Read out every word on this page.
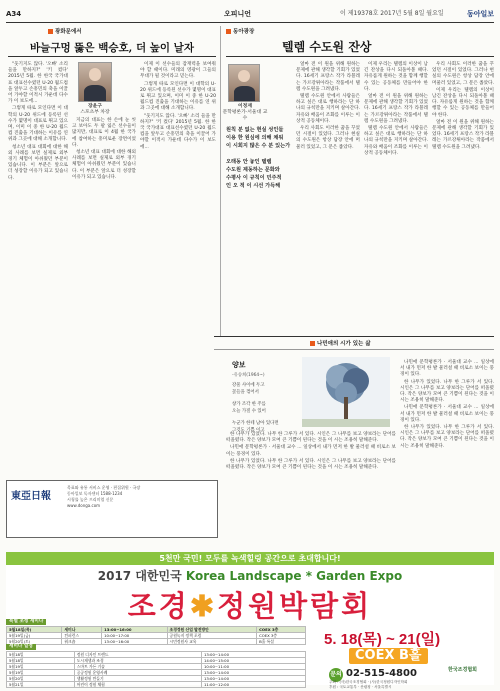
A34	오피니언	이 제19378호 2017년 5월 8일 월요일	동아일보
광화문에서
바늘구멍 뚫은 백승호, 더 높이 날자

"웃기지도 않다. '오빠' 소리 들을 만하지?" '키 컸다' 2015년 5월. 한 한국 국가대표 대표선수였던 U-20 월드컵을 앞두고 손흥민의 축을 이끌어 가야할 이적시 가운데 다수가 이 보도에...

그렇게 따로 모인다면 이 대학의 U-20 위드에 등록된 선수가 몇명이 대표로 뛰고 있으며, 이미 이 중 한 U-20 월드컵 진출을 기대하는 이유를 연 위과 그곳에 대해 소개합니다.

청소년 대표 대회에 대한 해외 사례를 보면 실제로 외부 경기 체험이 아쉬웠던 부분이 있습니다. 이 부분은 앞으로 더 성장할 이유가 되고 있습니다.

장윤구
스포츠부 차장

지금의 대표는 한 손에 눈 씻고 보아도 두 팔 잃은 선수들이 많지만, 대표로 이 4월 한 국가에 참여하는 흥미로운 장면이었다.

청소년 대표 대회에 대한 해외 사례를 보면 실제로 외부 경기 체험이 아쉬웠던 부분이 있습니다. 이 부분은 앞으로 더 성장할 이유가 되고 있습니다.

이제 이 선수들의 잠재력을 보여줘야 할 때이다. 미래의 영광이 그들의 무대가 될 것이라고 믿는다.

그렇게 따로 모인다면 이 대학의 U-20 위드에 등록된 선수가 몇명이 대표로 뛰고 있으며, 이미 이 중 한 U-20 월드컵 진출을 기대하는 이유를 연 위과 그곳에 대해 소개합니다.

"웃기지도 않다. '오빠' 소리 들을 만하지?" '키 컸다' 2015년 5월. 한 한국 국가대표 대표선수였던 U-20 월드컵을 앞두고 손흥민의 축을 이끌어 가야할 이적시 가운데 다수가 이 보도에...

東亞日報
목표와 유통 서비스 운영 · 편집위원 · 국장
동아일보 독자센터 1588-1234
시청률 높은 프리미엄 신문
www.donga.com
동아광장
텔렘 수도원 잔상
이정재
문학평론가·서울대 교수
원칙 분 없는 현실 성인들
이용 한 원심에 의해 채워
이 시회지 많은 수 분 있는가
오래동 안 놓인 텔렘
수도원 제동하는 문화와
수평사 이 규칙이 민주적
인 오 적 이 시선 가득해

얼마 전 이 원을 위해 원하는 문제에 관해 생각할 기회가 있었다. 16세기 프랑스 작가 라블레는 가르강튀아라는 작품에서 텔렘 수도원을 그려냈다.

텔렘 수도원 안에서 사람들은 하고 싶은 대로 행하라는 단 하나의 규칙만을 지키며 살아간다. 자유와 배움이 조화를 이루는 이상적 공동체이다.

우리 사회도 이러한 꿈을 꾸었던 시절이 있었다. 그러나 현실의 수도원은 항상 담장 안에 머물러 있었고, 그 문은 좁았다.

이제 우리는 텔렘의 이상이 남긴 잔상을 다시 되돌아볼 때다. 자유롭게 원하는 것을 함께 행할 수 있는 공동체를 만들어야 한다.

얼마 전 이 원을 위해 원하는 문제에 관해 생각할 기회가 있었다. 16세기 프랑스 작가 라블레는 가르강튀아라는 작품에서 텔렘 수도원을 그려냈다.

텔렘 수도원 안에서 사람들은 하고 싶은 대로 행하라는 단 하나의 규칙만을 지키며 살아간다. 자유와 배움이 조화를 이루는 이상적 공동체이다.

우리 사회도 이러한 꿈을 꾸었던 시절이 있었다. 그러나 현실의 수도원은 항상 담장 안에 머물러 있었고, 그 문은 좁았다.

이제 우리는 텔렘의 이상이 남긴 잔상을 다시 되돌아볼 때다. 자유롭게 원하는 것을 함께 행할 수 있는 공동체를 만들어야 한다.

얼마 전 이 원을 위해 원하는 문제에 관해 생각할 기회가 있었다. 16세기 프랑스 작가 라블레는 가르강튀아라는 작품에서 텔렘 수도원을 그려냈다.

나민애의 시가 있는 삶
양보
-유승희(1964~)
강물 사이에 두고
꽃들을 꺾어서
창가 조각 한 주를
오늘 가질 수 있어
누군가 한테 남아 있다면
그것도 기쁨 이고

한 나무가 있었다. 나무 한 그루가 서 있다. 시인은 그 나무를 보고 양보라는 단어를 떠올렸다. 작은 양보가 모여 큰 기쁨이 된다는 것을 이 시는 조용히 말해준다.

나민애 문학평론가 · 서울대 교수 ... 일상에서 내가 먼저 한 발 물러설 때 비로소 보이는 풍경이 있다.

한 나무가 있었다. 나무 한 그루가 서 있다. 시인은 그 나무를 보고 양보라는 단어를 떠올렸다. 작은 양보가 모여 큰 기쁨이 된다는 것을 이 시는 조용히 말해준다.

나민애 문학평론가 · 서울대 교수 ... 일상에서 내가 먼저 한 발 물러설 때 비로소 보이는 풍경이 있다.

한 나무가 있었다. 나무 한 그루가 서 있다. 시인은 그 나무를 보고 양보라는 단어를 떠올렸다. 작은 양보가 모여 큰 기쁨이 된다는 것을 이 시는 조용히 말해준다.

나민애 문학평론가 · 서울대 교수 ... 일상에서 내가 먼저 한 발 물러설 때 비로소 보이는 풍경이 있다.

한 나무가 있었다. 나무 한 그루가 서 있다. 시인은 그 나무를 보고 양보라는 단어를 떠올렸다. 작은 양보가 모여 큰 기쁨이 된다는 것을 이 시는 조용히 말해준다.

5천만 국민! 모두를 녹색힐링 공간으로 초대합니다!
2017 대한민국 Korea Landscape * Garden Expo
조경✱정원박람회
특별 초청 세미나
5월18일(목)	세미나	13:00~16:00	조경정원 산업 발전방안	COEX 3층
5월19일(금)	컨퍼런스	10:00~17:00	공원녹지 정책 포럼	COEX 3층
5월20일(토)	워크숍	13:00~16:00	시민정원사 교육	B홀 특설
세미나 일정
5월18일	정원 디자인 트렌드	13:00~14:00
5월18일	도시재생과 조경	14:00~15:00
5월19일	스마트 가든 기술	10:00~11:00
5월19일	공공정원 운영사례	13:00~14:00
5월20일	생활정원 만들기	13:00~14:00
5월21일	어린이 정원 체험	11:00~12:00
5. 18(목) ~ 21(일)
COEX B홀
문의 02-515-4800
주최 : (사)한국조경협회 · (사)한국정원디자인학회
후원 : 국토교통부 · 산림청 · 서울특별시
한국조경협회
